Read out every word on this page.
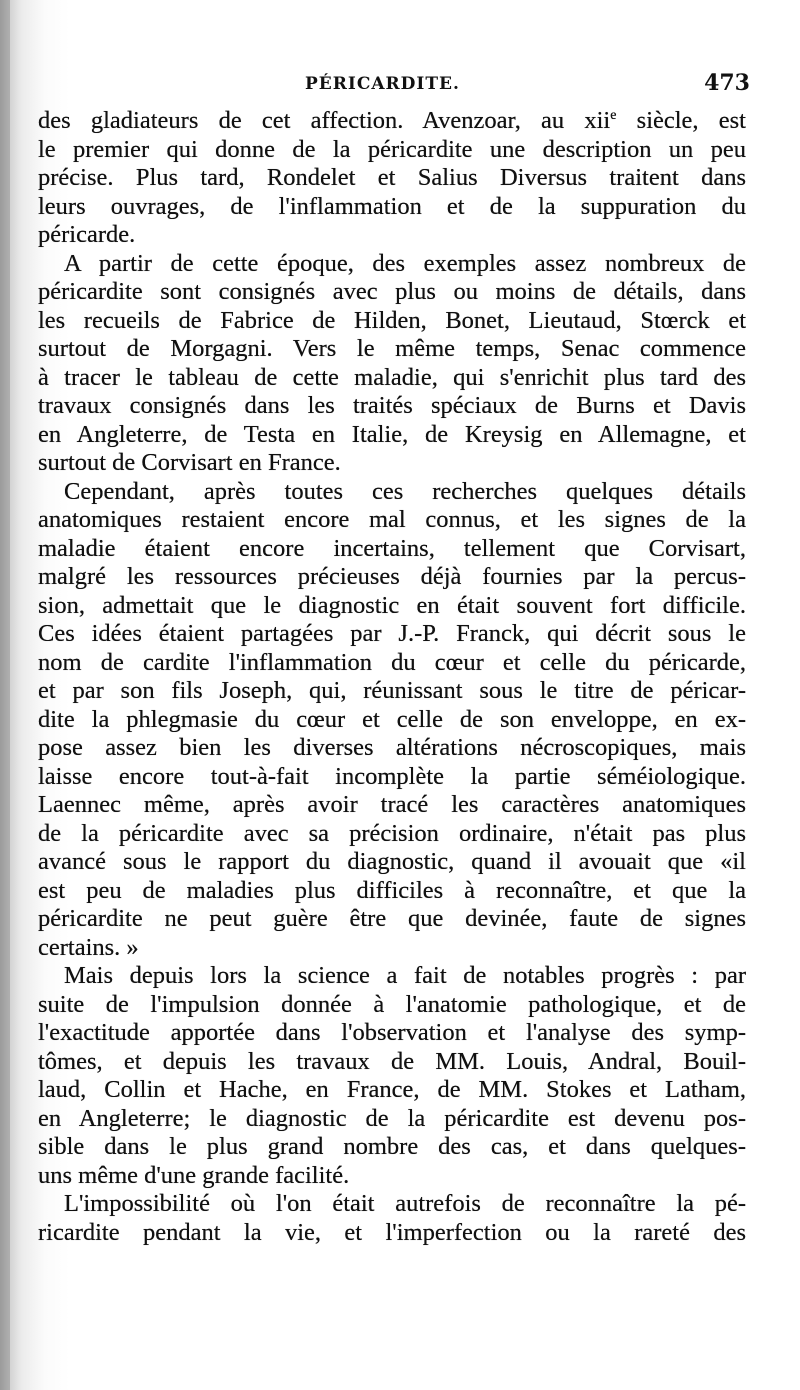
PÉRICARDITE.	473
des gladiateurs de cet affection. Avenzoar, au xii$^e$ siècle, est
le premier qui donne de la péricardite une description un peu
précise. Plus tard, Rondelet et Salius Diversus traitent dans
leurs ouvrages, de l'inflammation et de la suppuration du
péricarde.
A partir de cette époque, des exemples assez nombreux de
péricardite sont consignés avec plus ou moins de détails, dans
les recueils de Fabrice de Hilden, Bonet, Lieutaud, Stœrck et
surtout de Morgagni. Vers le même temps, Senac commence
à tracer le tableau de cette maladie, qui s'enrichit plus tard des
travaux consignés dans les traités spéciaux de Burns et Davis
en Angleterre, de Testa en Italie, de Kreysig en Allemagne, et
surtout de Corvisart en France.
Cependant, après toutes ces recherches quelques détails
anatomiques restaient encore mal connus, et les signes de la
maladie étaient encore incertains, tellement que Corvisart,
malgré les ressources précieuses déjà fournies par la percus-
sion, admettait que le diagnostic en était souvent fort difficile.
Ces idées étaient partagées par J.-P. Franck, qui décrit sous le
nom de cardite l'inflammation du cœur et celle du péricarde,
et par son fils Joseph, qui, réunissant sous le titre de péricar-
dite la phlegmasie du cœur et celle de son enveloppe, en ex-
pose assez bien les diverses altérations nécroscopiques, mais
laisse encore tout-à-fait incomplète la partie séméiologique.
Laennec même, après avoir tracé les caractères anatomiques
de la péricardite avec sa précision ordinaire, n'était pas plus
avancé sous le rapport du diagnostic, quand il avouait que «il
est peu de maladies plus difficiles à reconnaître, et que la
péricardite ne peut guère être que devinée, faute de signes
certains. »
Mais depuis lors la science a fait de notables progrès : par
suite de l'impulsion donnée à l'anatomie pathologique, et de
l'exactitude apportée dans l'observation et l'analyse des symp-
tômes, et depuis les travaux de MM. Louis, Andral, Bouil-
laud, Collin et Hache, en France, de MM. Stokes et Latham,
en Angleterre; le diagnostic de la péricardite est devenu pos-
sible dans le plus grand nombre des cas, et dans quelques-
uns même d'une grande facilité.
L'impossibilité où l'on était autrefois de reconnaître la pé-
ricardite pendant la vie, et l'imperfection ou la rareté des
